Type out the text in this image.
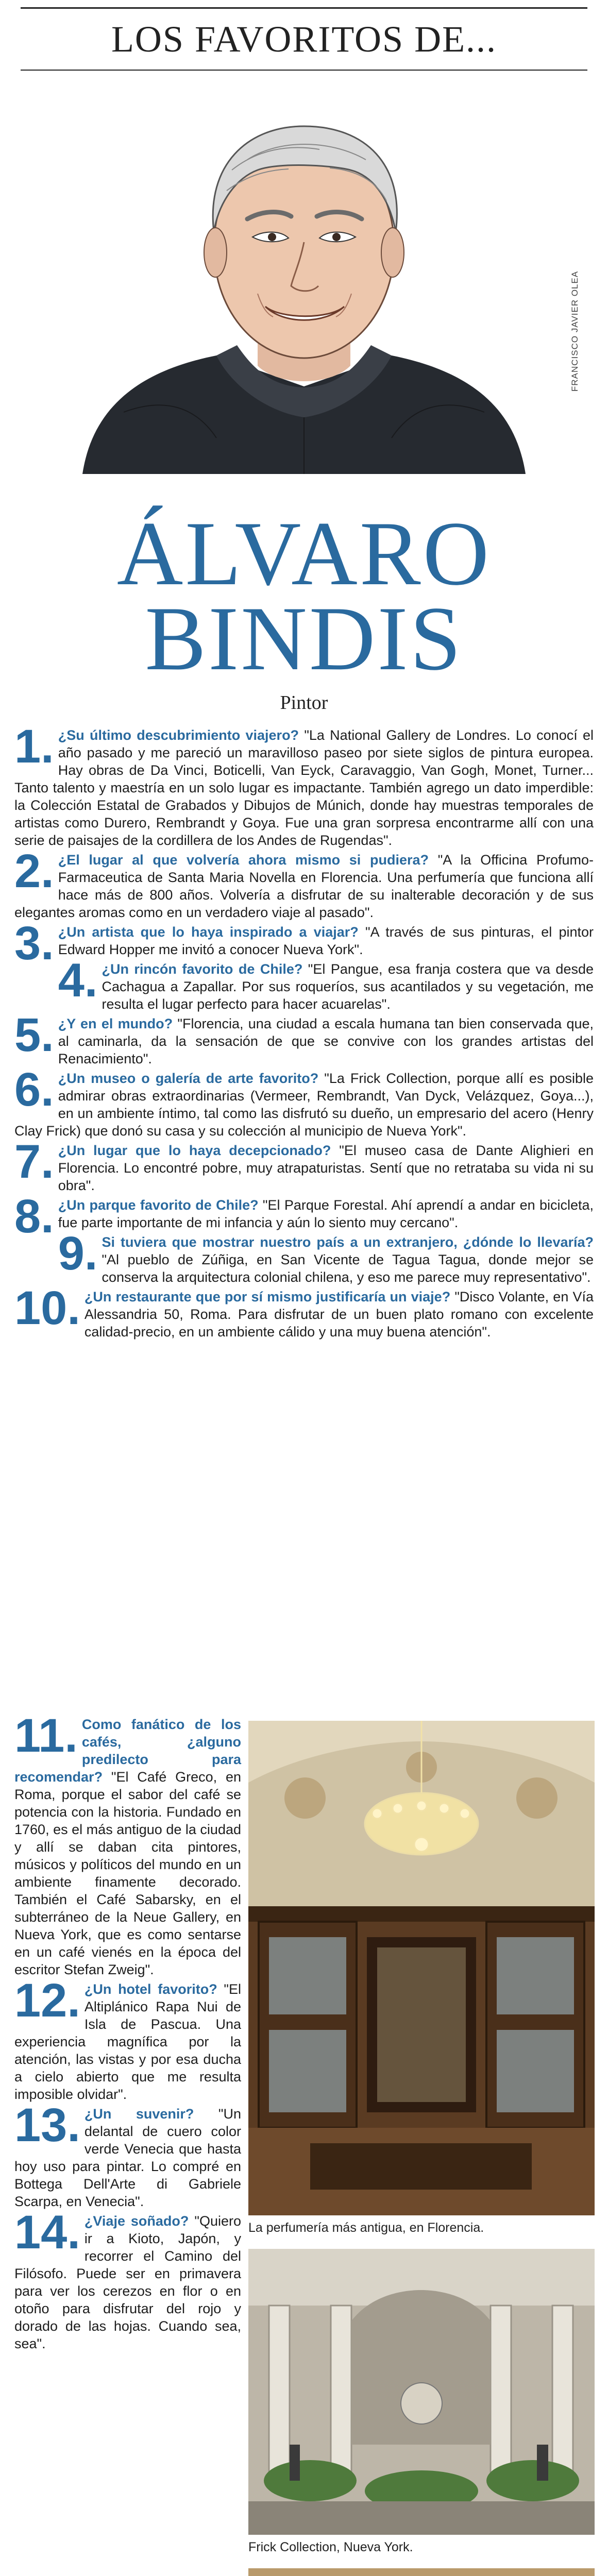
LOS FAVORITOS DE...
FRANCISCO JAVIER OLEA
ÁLVARO
BINDIS
Pintor
1. ¿Su último descubrimiento viajero? "La National Gallery de Londres. Lo conocí el año pasado y me pareció un maravilloso paseo por siete siglos de pintura europea. Hay obras de Da Vinci, Boticelli, Van Eyck, Caravaggio, Van Gogh, Monet, Turner... Tanto talento y maestría en un solo lugar es impactante. También agrego un dato imperdible: la Colección Estatal de Grabados y Dibujos de Múnich, donde hay muestras temporales de artistas como Durero, Rembrandt y Goya. Fue una gran sorpresa encontrarme allí con una serie de paisajes de la cordillera de los Andes de Rugendas".
2. ¿El lugar al que volvería ahora mismo si pudiera? "A la Officina Profumo-Farmaceutica de Santa Maria Novella en Florencia. Una perfumería que funciona allí hace más de 800 años. Volvería a disfrutar de su inalterable decoración y de sus elegantes aromas como en un verdadero viaje al pasado".
3. ¿Un artista que lo haya inspirado a viajar? "A través de sus pinturas, el pintor Edward Hopper me invitó a conocer Nueva York".
4. ¿Un rincón favorito de Chile? "El Pangue, esa franja costera que va desde Cachagua a Zapallar. Por sus roqueríos, sus acantilados y su vegetación, me resulta el lugar perfecto para hacer acuarelas".
5. ¿Y en el mundo? "Florencia, una ciudad a escala humana tan bien conservada que, al caminarla, da la sensación de que se convive con los grandes artistas del Renacimiento".
6. ¿Un museo o galería de arte favorito? "La Frick Collection, porque allí es posible admirar obras extraordinarias (Vermeer, Rembrandt, Van Dyck, Velázquez, Goya...), en un ambiente íntimo, tal como las disfrutó su dueño, un empresario del acero (Henry Clay Frick) que donó su casa y su colección al municipio de Nueva York".
7. ¿Un lugar que lo haya decepcionado? "El museo casa de Dante Alighieri en Florencia. Lo encontré pobre, muy atrapaturistas. Sentí que no retrataba su vida ni su obra".
8. ¿Un parque favorito de Chile? "El Parque Forestal. Ahí aprendí a andar en bicicleta, fue parte importante de mi infancia y aún lo siento muy cercano".
9. Si tuviera que mostrar nuestro país a un extranjero, ¿dónde lo llevaría? "Al pueblo de Zúñiga, en San Vicente de Tagua Tagua, donde mejor se conserva la arquitectura colonial chilena, y eso me parece muy representativo".
10. ¿Un restaurante que por sí mismo justificaría un viaje? "Disco Volante, en Vía Alessandria 50, Roma. Para disfrutar de un buen plato romano con excelente calidad-precio, en un ambiente cálido y una muy buena atención".
11. Como fanático de los cafés, ¿alguno predilecto para recomendar? "El Café Greco, en Roma, porque el sabor del café se potencia con la historia. Fundado en 1760, es el más antiguo de la ciudad y allí se daban cita pintores, músicos y políticos del mundo en un ambiente finamente decorado. También el Café Sabarsky, en el subterráneo de la Neue Gallery, en Nueva York, que es como sentarse en un café vienés en la época del escritor Stefan Zweig".
12. ¿Un hotel favorito? "El Altiplánico Rapa Nui de Isla de Pascua. Una experiencia magnífica por la atención, las vistas y por esa ducha a cielo abierto que me resulta imposible olvidar".
13. ¿Un suvenir? "Un delantal de cuero color verde Venecia que hasta hoy uso para pintar. Lo compré en Bottega Dell'Arte di Gabriele Scarpa, en Venecia".
14. ¿Viaje soñado? "Quiero ir a Kioto, Japón, y recorrer el Camino del Filósofo. Puede ser en primavera para ver los cerezos en flor o en otoño para disfrutar del rojo y dorado de las hojas. Cuando sea, sea".
La perfumería más antigua, en Florencia.
Frick Collection, Nueva York.
